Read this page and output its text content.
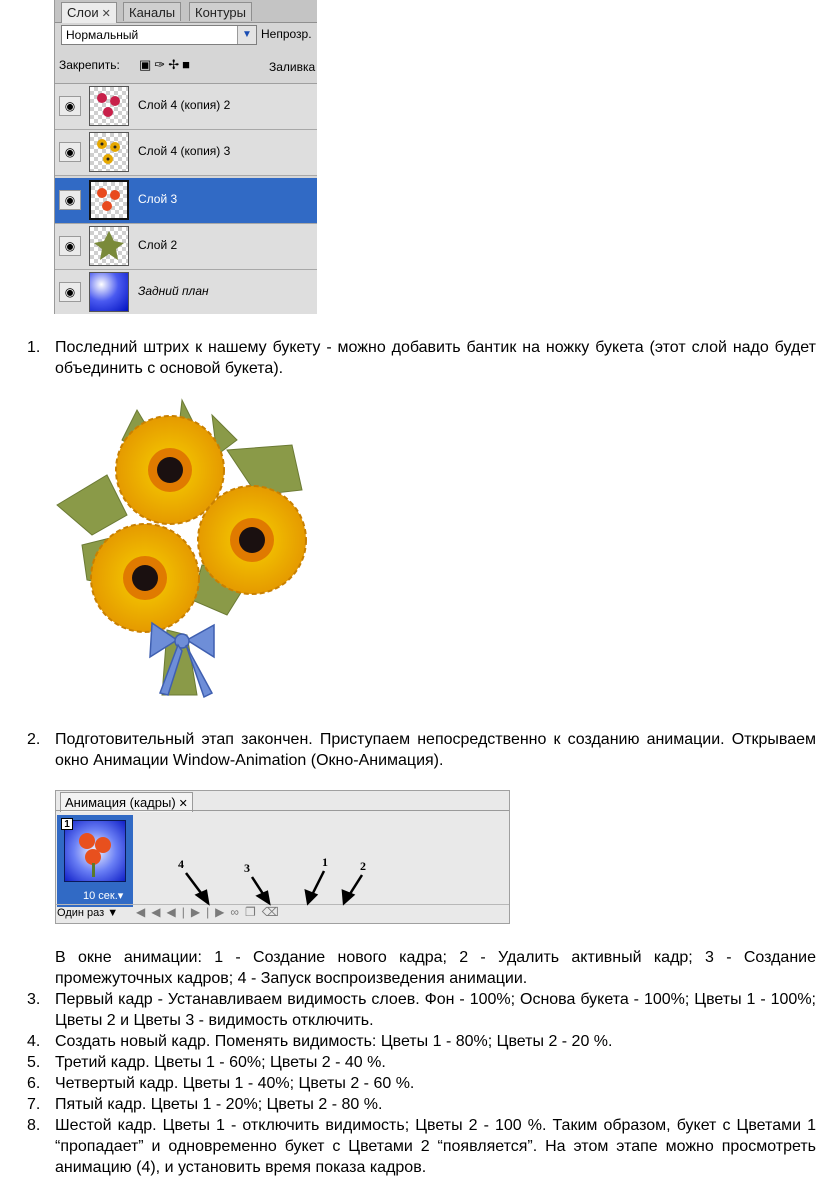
Слои ✕	Каналы	Контуры
Нормальный	▼ Непрозр.
Закрепить: ▣✑✢■	Заливка
◉	Слой 4 (копия) 2
◉	Слой 4 (копия) 3
◉	Слой 3
◉	Слой 2
◉	Задний план
1. Последний штрих к нашему букету - можно добавить бантик на ножку букета (этот слой надо будет объединить с основой букета).
2. Подготовительный этап закончен. Приступаем непосредственно к созданию анимации. Открываем окно Анимации Window-Animation (Окно-Анимация).
Анимация (кадры) ✕
1
10 сек.▾
Один раз ▼ ◀◀◀|▶|▶∞❐⌫
4	3	1	2
В окне анимации: 1 - Создание нового кадра; 2 - Удалить активный кадр; 3 - Создание промежуточных кадров; 4 - Запуск воспроизведения анимации.
3. Первый кадр - Устанавливаем видимость слоев. Фон - 100%; Основа букета - 100%; Цветы 1 - 100%; Цветы 2 и Цветы 3 - видимость отключить.
4. Создать новый кадр. Поменять видимость: Цветы 1 - 80%; Цветы 2 - 20 %.
5. Третий кадр. Цветы 1 - 60%; Цветы 2 - 40 %.
6. Четвертый кадр. Цветы 1 - 40%; Цветы 2 - 60 %.
7. Пятый кадр. Цветы 1 - 20%; Цветы 2 - 80 %.
8. Шестой кадр. Цветы 1 - отключить видимость; Цветы 2 - 100 %. Таким образом, букет с Цветами 1 “пропадает” и одновременно букет с Цветами 2 “появляется”. На этом этапе можно просмотреть анимацию (4), и установить время показа кадров.
